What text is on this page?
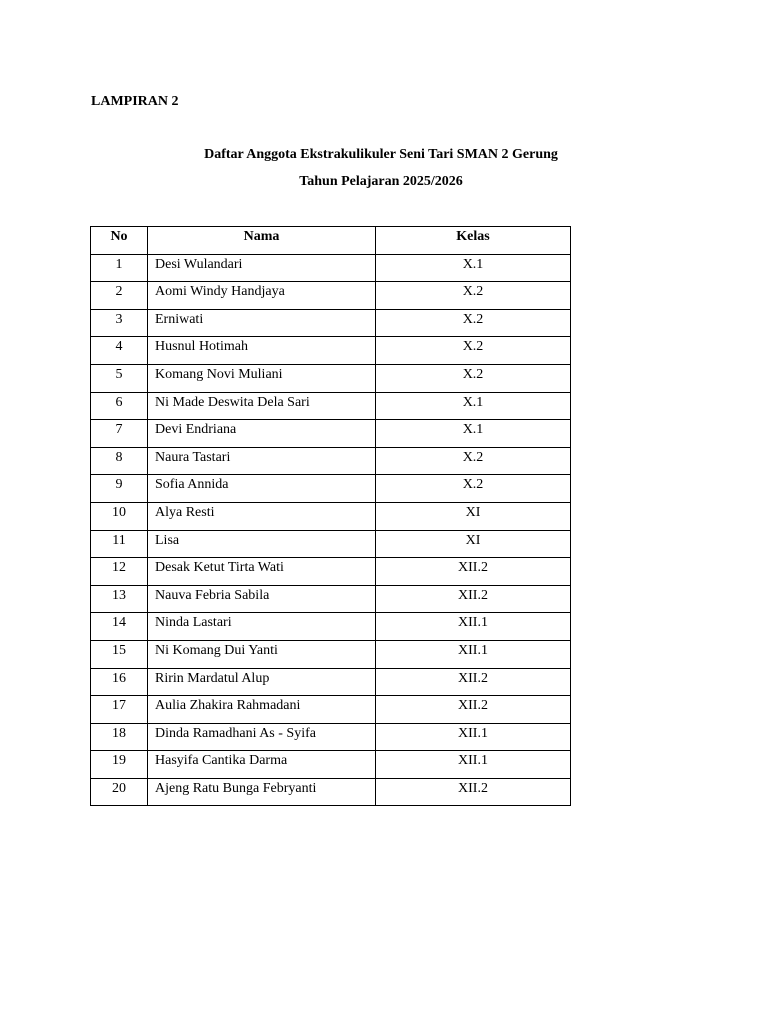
LAMPIRAN 2

Daftar Anggota Ekstrakulikuler Seni Tari SMAN 2 Gerung

Tahun Pelajaran 2025/2026

No	Nama	Kelas
1	Desi Wulandari	X.1
2	Aomi Windy Handjaya	X.2
3	Erniwati	X.2
4	Husnul Hotimah	X.2
5	Komang Novi Muliani	X.2
6	Ni Made Deswita Dela Sari	X.1
7	Devi Endriana	X.1
8	Naura Tastari	X.2
9	Sofia Annida	X.2
10	Alya Resti	XI
11	Lisa	XI
12	Desak Ketut Tirta Wati	XII.2
13	Nauva Febria Sabila	XII.2
14	Ninda Lastari	XII.1
15	Ni Komang Dui Yanti	XII.1
16	Ririn Mardatul Alup	XII.2
17	Aulia Zhakira Rahmadani	XII.2
18	Dinda Ramadhani As - Syifa	XII.1
19	Hasyifa Cantika Darma	XII.1
20	Ajeng Ratu Bunga Febryanti	XII.2
